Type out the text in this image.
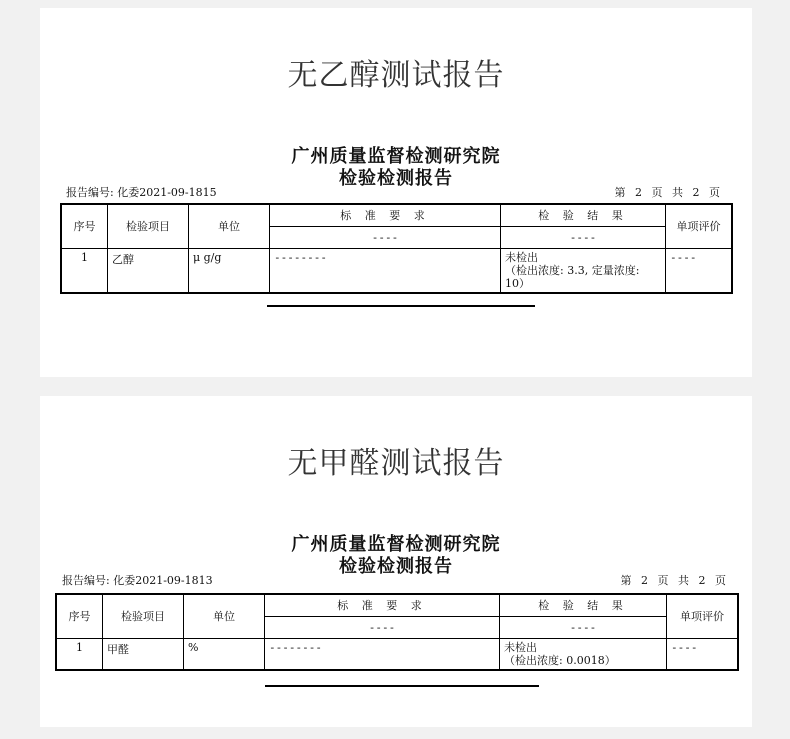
无乙醇测试报告
广州质量监督检测研究院
检验检测报告
报告编号: 化委2021-09-1815	第 2 页 共 2 页
序号	检验项目	单位	标 准 要 求	检 验 结 果	单项评价
			----	----	
1	乙醇	μ g/g	--------	未检出
（检出浓度: 3.3, 定量浓度:
10）	----
无甲醛测试报告
广州质量监督检测研究院
检验检测报告
报告编号: 化委2021-09-1813	第 2 页 共 2 页
序号	检验项目	单位	标 准 要 求	检 验 结 果	单项评价
			----	----	
1	甲醛	%	--------	未检出
（检出浓度: 0.0018）	----
